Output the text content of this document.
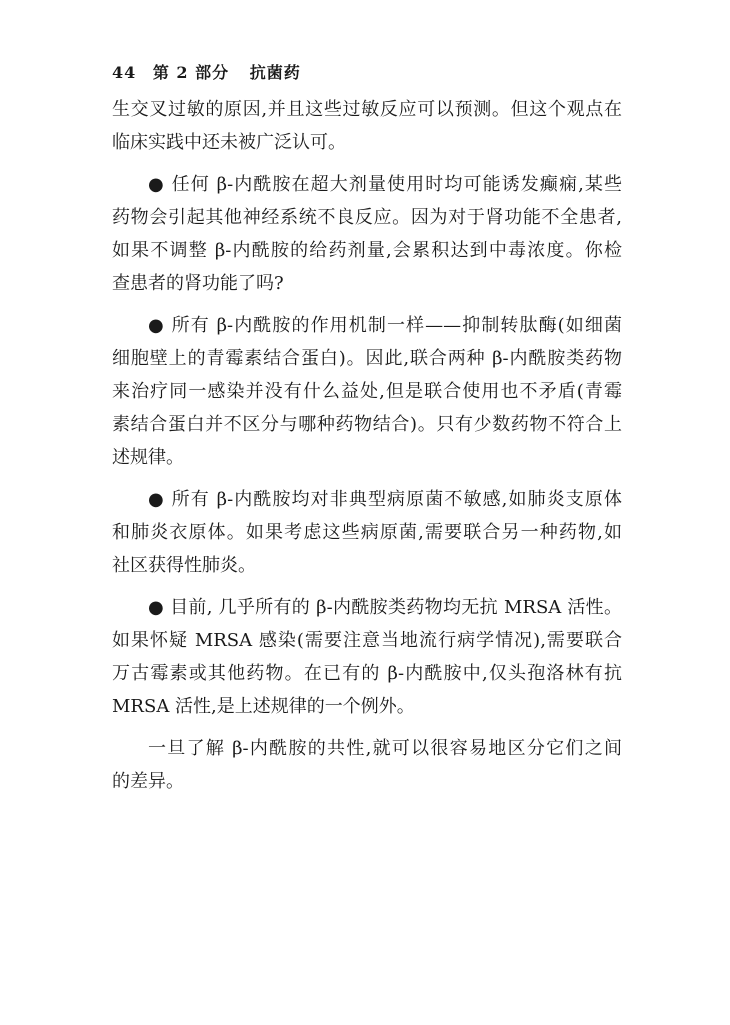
44 第 2 部分 抗菌药
生交叉过敏的原因,并且这些过敏反应可以预测。但这个观点在
临床实践中还未被广泛认可。
● 任何 β-内酰胺在超大剂量使用时均可能诱发癫痫,某些
药物会引起其他神经系统不良反应。因为对于肾功能不全患者,
如果不调整 β-内酰胺的给药剂量,会累积达到中毒浓度。你检
查患者的肾功能了吗?
● 所有 β-内酰胺的作用机制一样——抑制转肽酶(如细菌
细胞壁上的青霉素结合蛋白)。因此,联合两种 β-内酰胺类药物
来治疗同一感染并没有什么益处,但是联合使用也不矛盾(青霉
素结合蛋白并不区分与哪种药物结合)。只有少数药物不符合上
述规律。
● 所有 β-内酰胺均对非典型病原菌不敏感,如肺炎支原体
和肺炎衣原体。如果考虑这些病原菌,需要联合另一种药物,如
社区获得性肺炎。
● 目前, 几乎所有的 β-内酰胺类药物均无抗 MRSA 活性。
如果怀疑 MRSA 感染(需要注意当地流行病学情况),需要联合
万古霉素或其他药物。在已有的 β-内酰胺中,仅头孢洛林有抗
MRSA 活性,是上述规律的一个例外。
一旦了解 β-内酰胺的共性,就可以很容易地区分它们之间
的差异。
